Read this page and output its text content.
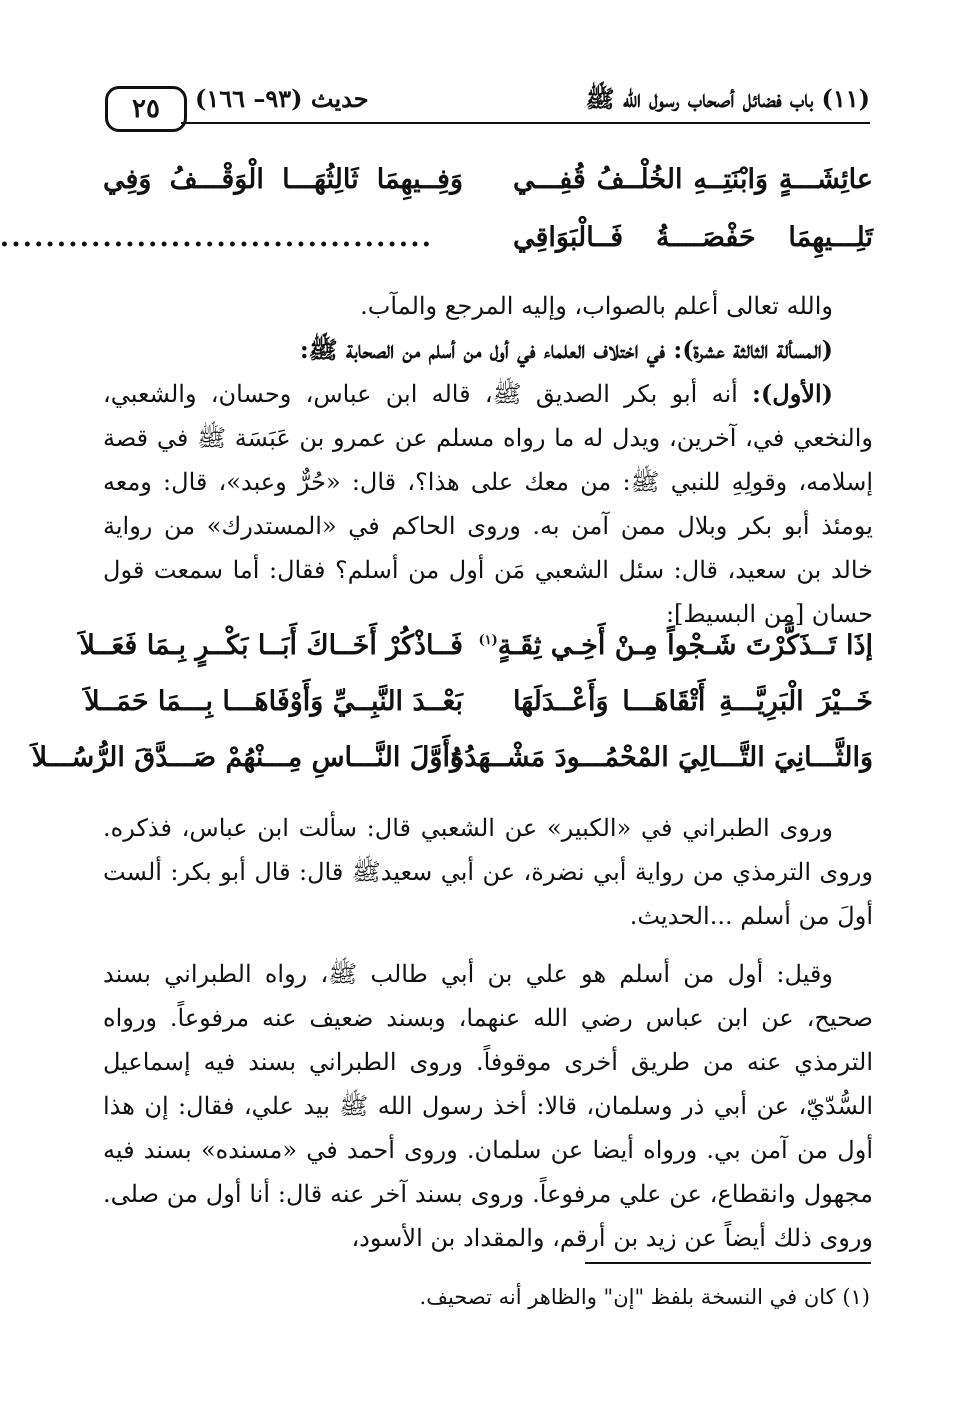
(١١) باب فضائل أصحاب رسول الله ﷺ
حديث (٩٣– ١٦٦)
٢٥
عائِشَـــةٍ وَابْنَتِــهِ الخُلْــفُ قُفِـــي
وَفِــيهِمَا ثَالِثُهَـــا الْوَقْـــفُ وَفِي
تَلِـــيهِمَا حَفْصَــــةُ فَــالْبَوَاقِي
......................................

والله تعالى أعلم بالصواب، وإليه المرجع والمآب.

(المسألة الثالثة عشرة): في اختلاف العلماء في أول من أسلم من الصحابة ﷺ:

(الأول): أنه أبو بكر الصديق ﷺ، قاله ابن عباس، وحسان، والشعبي، والنخعي في، آخرين، ويدل له ما رواه مسلم عن عمرو بن عَبَسَة ﷺ في قصة إسلامه، وقولِهِ للنبي ﷺ: من معك على هذا؟، قال: «حُرٌّ وعبد»، قال: ومعه يومئذ أبو بكر وبلال ممن آمن به. وروى الحاكم في «المستدرك» من رواية خالد بن سعيد، قال: سئل الشعبي مَن أول من أسلم؟ فقال: أما سمعت قول حسان [من البسيط]:

إذَا تَــذَكَّرْتَ شَـجْواً مِـنْ أَخِـي ثِقَـةٍ$^{(١)}$
فَــاذْكُرْ أَخَــاكَ أَبَــا بَكْــرٍ بِـمَا فَعَــلاَ
خَــيْرَ الْبَرِيَّـــةِ أَتْقَاهَـــا وَأَعْــدَلَهَا
بَعْــدَ النَّبِــيِّ وَأَوْفَاهَـــا بِـــمَا حَمَــلاَ
وَالثَّـــانِيَ التَّـــالِيَ المْحْمُـــودَ مَشْــهَدُهُ
وَأَوَّلَ النَّـــاسِ مِـــنْهُمْ صَـــدَّقَ الرُّسُـــلاَ

وروى الطبراني في «الكبير» عن الشعبي قال: سألت ابن عباس، فذكره. وروى الترمذي من رواية أبي نضرة، عن أبي سعيدﷺ قال: قال أبو بكر: ألست أولَ من أسلم ...الحديث.

وقيل: أول من أسلم هو علي بن أبي طالب ﷺ، رواه الطبراني بسند صحيح، عن ابن عباس رضي الله عنهما، وبسند ضعيف عنه مرفوعاً. ورواه الترمذي عنه من طريق أخرى موقوفاً. وروى الطبراني بسند فيه إسماعيل السُّدّيّ، عن أبي ذر وسلمان، قالا: أخذ رسول الله ﷺ بيد علي، فقال: إن هذا أول من آمن بي. ورواه أيضا عن سلمان. وروى أحمد في «مسنده» بسند فيه مجهول وانقطاع، عن علي مرفوعاً. وروى بسند آخر عنه قال: أنا أول من صلى. وروى ذلك أيضاً عن زيد بن أرقم، والمقداد بن الأسود،

(١) كان في النسخة بلفظ "إن" والظاهر أنه تصحيف.
